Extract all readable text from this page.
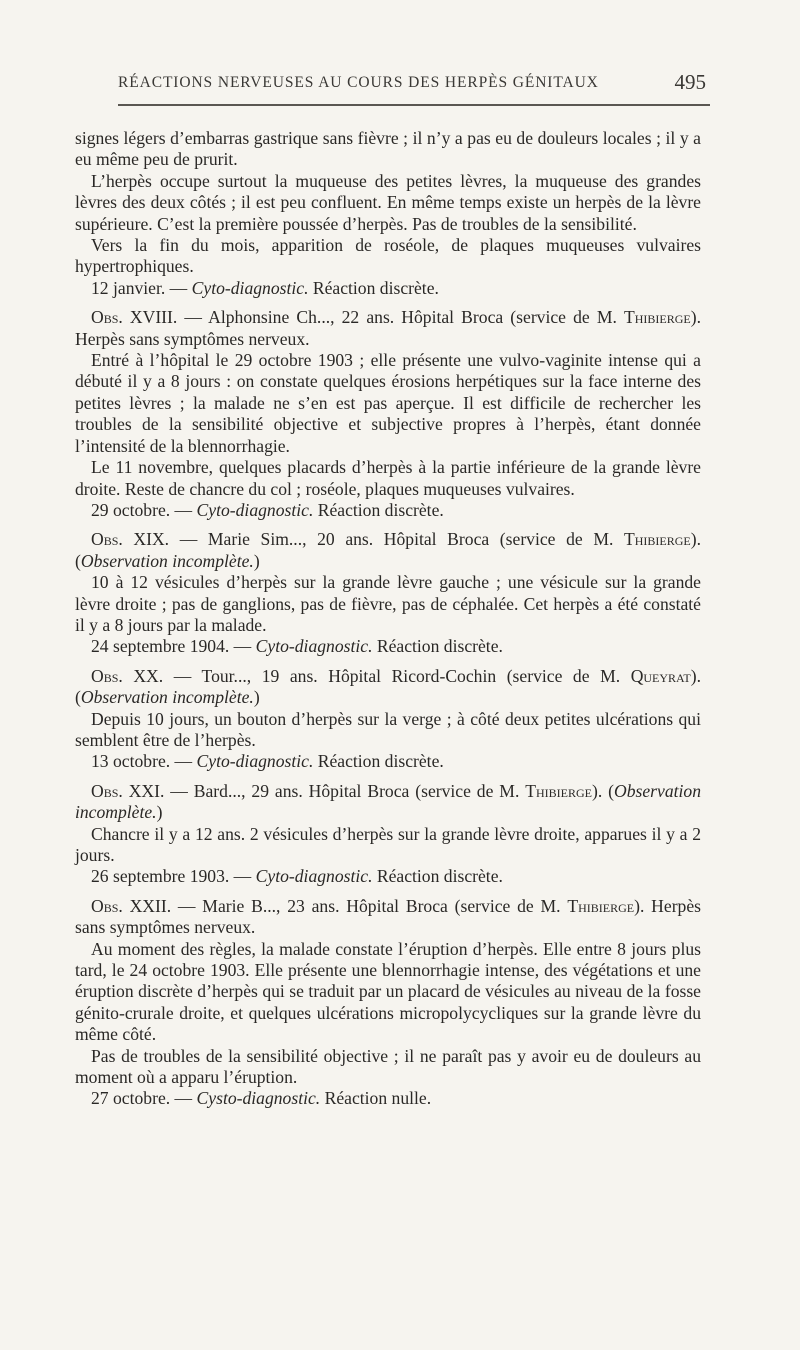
RÉACTIONS NERVEUSES AU COURS DES HERPÈS GÉNITAUX	495

signes légers d’embarras gastrique sans fièvre ; il n’y a pas eu de douleurs locales ; il y a eu même peu de prurit.

L’herpès occupe surtout la muqueuse des petites lèvres, la muqueuse des grandes lèvres des deux côtés ; il est peu confluent. En même temps existe un herpès de la lèvre supérieure. C’est la première poussée d’herpès. Pas de troubles de la sensibilité.

Vers la fin du mois, apparition de roséole, de plaques muqueuses vulvaires hypertrophiques.

12 janvier. — Cyto-diagnostic. Réaction discrète.

Obs. XVIII. — Alphonsine Ch..., 22 ans. Hôpital Broca (service de M. Thibierge). Herpès sans symptômes nerveux.

Entré à l’hôpital le 29 octobre 1903 ; elle présente une vulvo-vaginite intense qui a débuté il y a 8 jours : on constate quelques érosions herpétiques sur la face interne des petites lèvres ; la malade ne s’en est pas aperçue. Il est difficile de rechercher les troubles de la sensibilité objective et subjective propres à l’herpès, étant donnée l’intensité de la blennorrhagie.

Le 11 novembre, quelques placards d’herpès à la partie inférieure de la grande lèvre droite. Reste de chancre du col ; roséole, plaques muqueuses vulvaires.

29 octobre. — Cyto-diagnostic. Réaction discrète.

Obs. XIX. — Marie Sim..., 20 ans. Hôpital Broca (service de M. Thibierge). (Observation incomplète.)

10 à 12 vésicules d’herpès sur la grande lèvre gauche ; une vésicule sur la grande lèvre droite ; pas de ganglions, pas de fièvre, pas de céphalée. Cet herpès a été constaté il y a 8 jours par la malade.

24 septembre 1904. — Cyto-diagnostic. Réaction discrète.

Obs. XX. — Tour..., 19 ans. Hôpital Ricord-Cochin (service de M. Queyrat). (Observation incomplète.)

Depuis 10 jours, un bouton d’herpès sur la verge ; à côté deux petites ulcérations qui semblent être de l’herpès.

13 octobre. — Cyto-diagnostic. Réaction discrète.

Obs. XXI. — Bard..., 29 ans. Hôpital Broca (service de M. Thibierge). (Observation incomplète.)

Chancre il y a 12 ans. 2 vésicules d’herpès sur la grande lèvre droite, apparues il y a 2 jours.

26 septembre 1903. — Cyto-diagnostic. Réaction discrète.

Obs. XXII. — Marie B..., 23 ans. Hôpital Broca (service de M. Thibierge). Herpès sans symptômes nerveux.

Au moment des règles, la malade constate l’éruption d’herpès. Elle entre 8 jours plus tard, le 24 octobre 1903. Elle présente une blennorrhagie intense, des végétations et une éruption discrète d’herpès qui se traduit par un placard de vésicules au niveau de la fosse génito-crurale droite, et quelques ulcérations micropolycycliques sur la grande lèvre du même côté.

Pas de troubles de la sensibilité objective ; il ne paraît pas y avoir eu de douleurs au moment où a apparu l’éruption.

27 octobre. — Cysto-diagnostic. Réaction nulle.
